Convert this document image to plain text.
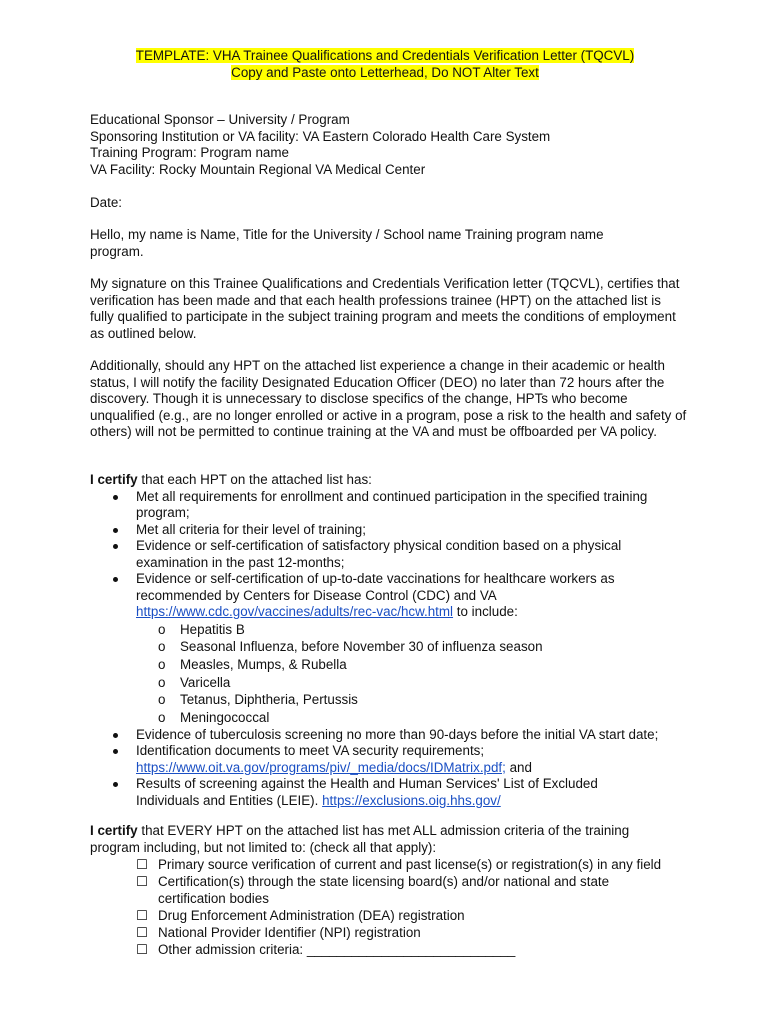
TEMPLATE: VHA Trainee Qualifications and Credentials Verification Letter (TQCVL)
Copy and Paste onto Letterhead, Do NOT Alter Text

Educational Sponsor – University / Program

Sponsoring Institution or VA facility: VA Eastern Colorado Health Care System

Training Program: Program name

VA Facility: Rocky Mountain Regional VA Medical Center

Date:

Hello, my name is Name, Title for the University / School name Training program name program.

My signature on this Trainee Qualifications and Credentials Verification letter (TQCVL), certifies that verification has been made and that each health professions trainee (HPT) on the attached list is fully qualified to participate in the subject training program and meets the conditions of employment as outlined below.

Additionally, should any HPT on the attached list experience a change in their academic or health status, I will notify the facility Designated Education Officer (DEO) no later than 72 hours after the discovery. Though it is unnecessary to disclose specifics of the change, HPTs who become unqualified (e.g., are no longer enrolled or active in a program, pose a risk to the health and safety of others) will not be permitted to continue training at the VA and must be offboarded per VA policy.

I certify that each HPT on the attached list has:

Met all requirements for enrollment and continued participation in the specified training program;
Met all criteria for their level of training;
Evidence or self-certification of satisfactory physical condition based on a physical examination in the past 12-months;
Evidence or self-certification of up-to-date vaccinations for healthcare workers as recommended by Centers for Disease Control (CDC) and VA https://www.cdc.gov/vaccines/adults/rec-vac/hcw.html to include:
o Hepatitis B
o Seasonal Influenza, before November 30 of influenza season
o Measles, Mumps, & Rubella
o Varicella
o Tetanus, Diphtheria, Pertussis
o Meningococcal
Evidence of tuberculosis screening no more than 90-days before the initial VA start date;
Identification documents to meet VA security requirements;
https://www.oit.va.gov/programs/piv/_media/docs/IDMatrix.pdf; and
Results of screening against the Health and Human Services' List of Excluded Individuals and Entities (LEIE). https://exclusions.oig.hhs.gov/

I certify that EVERY HPT on the attached list has met ALL admission criteria of the training program including, but not limited to: (check all that apply):

☐ Primary source verification of current and past license(s) or registration(s) in any field
☐ Certification(s) through the state licensing board(s) and/or national and state certification bodies
☐ Drug Enforcement Administration (DEA) registration
☐ National Provider Identifier (NPI) registration
☐ Other admission criteria: ____________________________
